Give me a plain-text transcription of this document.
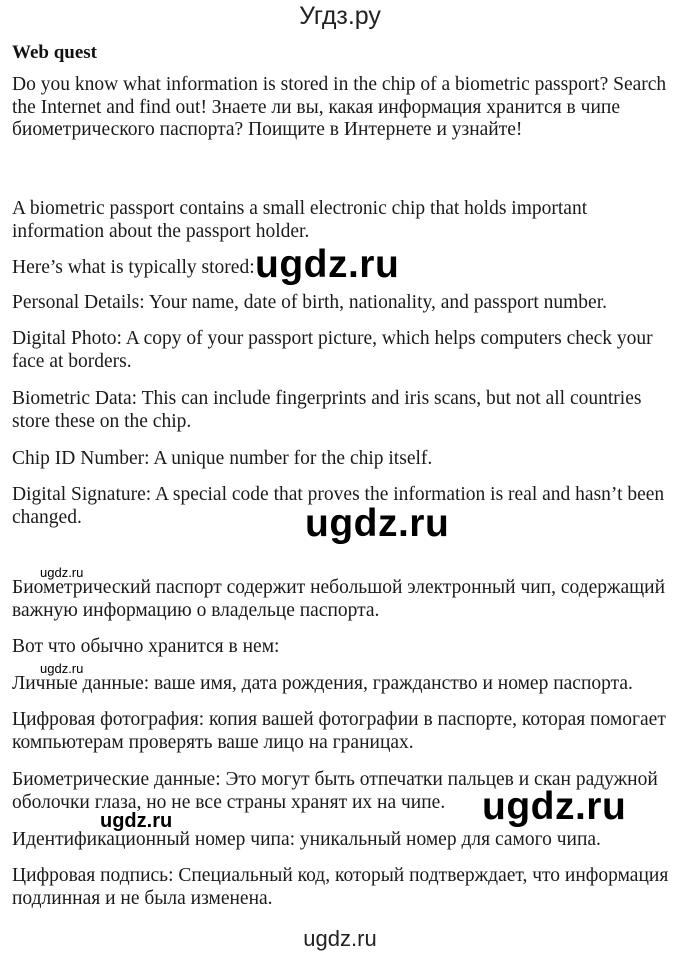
Угдз.ру
Web quest

Do you know what information is stored in the chip of a biometric passport? Search the Internet and find out! Знаете ли вы, какая информация хранится в чипе биометрического паспорта? Поищите в Интернете и узнайте!

A biometric passport contains a small electronic chip that holds important information about the passport holder.

Here’s what is typically stored:

Personal Details: Your name, date of birth, nationality, and passport number.

Digital Photo: A copy of your passport picture, which helps computers check your face at borders.

Biometric Data: This can include fingerprints and iris scans, but not all countries store these on the chip.

Chip ID Number: A unique number for the chip itself.

Digital Signature: A special code that proves the information is real and hasn’t been changed.

Биометрический паспорт содержит небольшой электронный чип, содержащий важную информацию о владельце паспорта.

Вот что обычно хранится в нем:

Личные данные: ваше имя, дата рождения, гражданство и номер паспорта.

Цифровая фотография: копия вашей фотографии в паспорте, которая помогает компьютерам проверять ваше лицо на границах.

Биометрические данные: Это могут быть отпечатки пальцев и скан радужной оболочки глаза, но не все страны хранят их на чипе.

Идентификационный номер чипа: уникальный номер для самого чипа.

Цифровая подпись: Специальный код, который подтверждает, что информация подлинная и не была изменена.

ugdz.ru
ugdz.ru
ugdz.ru
ugdz.ru
ugdz.ru
ugdz.ru
ugdz.ru
